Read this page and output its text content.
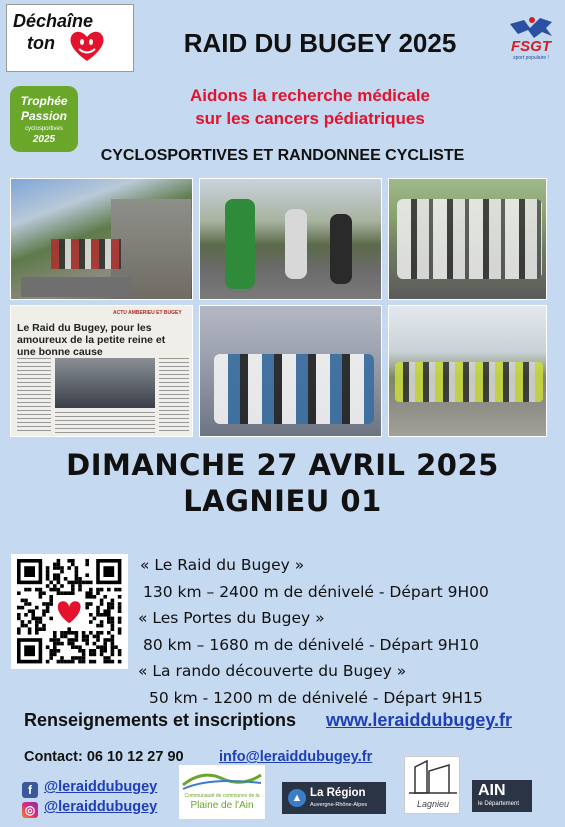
Déchaîne
ton
Trophée
Passion
cyclosportives
2025
RAID DU BUGEY 2025	FSGT
sport populaire !
Aidons la recherche médicale
sur les cancers pédiatriques
CYCLOSPORTIVES ET RANDONNEE CYCLISTE
ACTU AMBERIEU ET BUGEY
Le Raid du Bugey, pour les amoureux de la petite reine et une bonne cause
DIMANCHE 27 AVRIL 2025
LAGNIEU 01
« Le Raid du Bugey »
130 km – 2400 m de dénivelé - Départ 9H00
« Les Portes du Bugey »
80 km – 1680 m de dénivelé - Départ 9H10
« La rando découverte du Bugey »
50 km - 1200 m de dénivelé - Départ 9H15
Renseignements et inscriptions www.leraiddubugey.fr
Contact: 06 10 12 27 90 info@leraiddubugey.fr
f @leraiddubugey
◎ @leraiddubugey
Communauté de communes de la
Plaine de l'Ain
▲ La Région
Auvergne-Rhône-Alpes	Lagnieu
AIN
le Département
